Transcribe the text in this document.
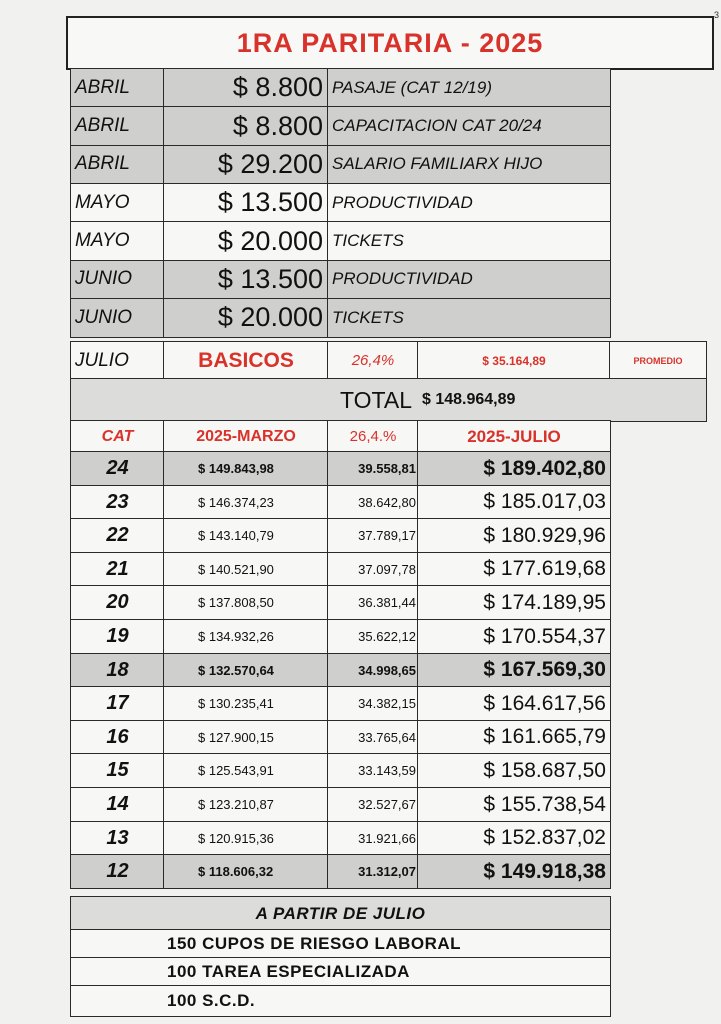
3
1RA PARITARIA - 2025
ABRIL	$ 8.800 PASAJE (CAT 12/19)
ABRIL	$ 8.800 CAPACITACION CAT 20/24
ABRIL	$ 29.200 SALARIO FAMILIARX HIJO
MAYO	$ 13.500 PRODUCTIVIDAD
MAYO	$ 20.000 TICKETS
JUNIO	$ 13.500 PRODUCTIVIDAD
JUNIO	$ 20.000 TICKETS
JULIO	BASICOS	26,4%	$ 35.164,89	PROMEDIO
TOTAL $ 148.964,89
CAT	2025-MARZO	26,4.%	2025-JULIO
24	$ 149.843,98	39.558,81	$ 189.402,80
23	$ 146.374,23	38.642,80	$ 185.017,03
22	$ 143.140,79	37.789,17	$ 180.929,96
21	$ 140.521,90	37.097,78	$ 177.619,68
20	$ 137.808,50	36.381,44	$ 174.189,95
19	$ 134.932,26	35.622,12	$ 170.554,37
18	$ 132.570,64	34.998,65	$ 167.569,30
17	$ 130.235,41	34.382,15	$ 164.617,56
16	$ 127.900,15	33.765,64	$ 161.665,79
15	$ 125.543,91	33.143,59	$ 158.687,50
14	$ 123.210,87	32.527,67	$ 155.738,54
13	$ 120.915,36	31.921,66	$ 152.837,02
12	$ 118.606,32	31.312,07	$ 149.918,38
A PARTIR DE JULIO
150 CUPOS DE RIESGO LABORAL
100 TAREA ESPECIALIZADA
100 S.C.D.
